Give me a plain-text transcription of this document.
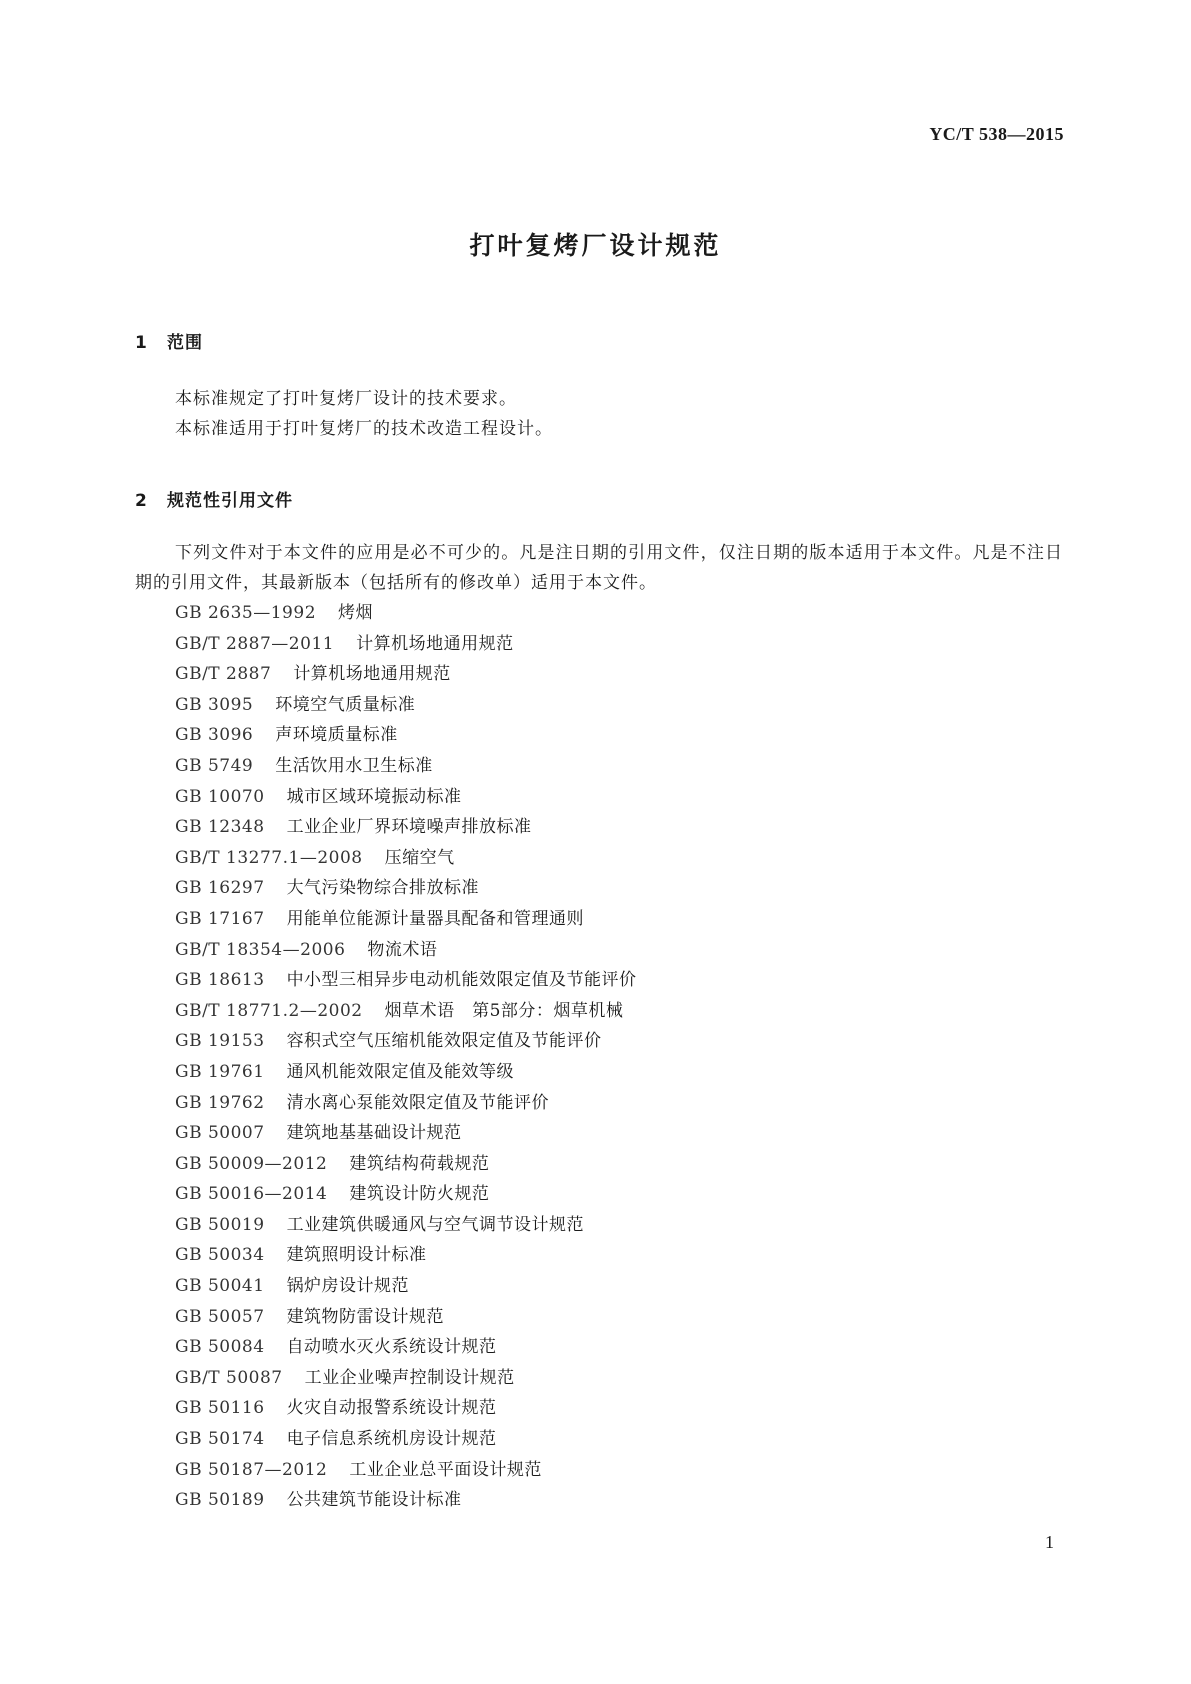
YC/T 538—2015
打叶复烤厂设计规范
1 范围
本标准规定了打叶复烤厂设计的技术要求。
本标准适用于打叶复烤厂的技术改造工程设计。
2 规范性引用文件
下列文件对于本文件的应用是必不可少的。凡是注日期的引用文件，仅注日期的版本适用于本文件。凡是不注日期的引用文件，其最新版本（包括所有的修改单）适用于本文件。
GB 2635—1992 烤烟
GB/T 2887—2011 计算机场地通用规范
GB/T 2887 计算机场地通用规范
GB 3095 环境空气质量标准
GB 3096 声环境质量标准
GB 5749 生活饮用水卫生标准
GB 10070 城市区域环境振动标准
GB 12348 工业企业厂界环境噪声排放标准
GB/T 13277.1—2008 压缩空气
GB 16297 大气污染物综合排放标准
GB 17167 用能单位能源计量器具配备和管理通则
GB/T 18354—2006 物流术语
GB 18613 中小型三相异步电动机能效限定值及节能评价
GB/T 18771.2—2002 烟草术语　第5部分：烟草机械
GB 19153 容积式空气压缩机能效限定值及节能评价
GB 19761 通风机能效限定值及能效等级
GB 19762 清水离心泵能效限定值及节能评价
GB 50007 建筑地基基础设计规范
GB 50009—2012 建筑结构荷载规范
GB 50016—2014 建筑设计防火规范
GB 50019 工业建筑供暖通风与空气调节设计规范
GB 50034 建筑照明设计标准
GB 50041 锅炉房设计规范
GB 50057 建筑物防雷设计规范
GB 50084 自动喷水灭火系统设计规范
GB/T 50087 工业企业噪声控制设计规范
GB 50116 火灾自动报警系统设计规范
GB 50174 电子信息系统机房设计规范
GB 50187—2012 工业企业总平面设计规范
GB 50189 公共建筑节能设计标准
1
